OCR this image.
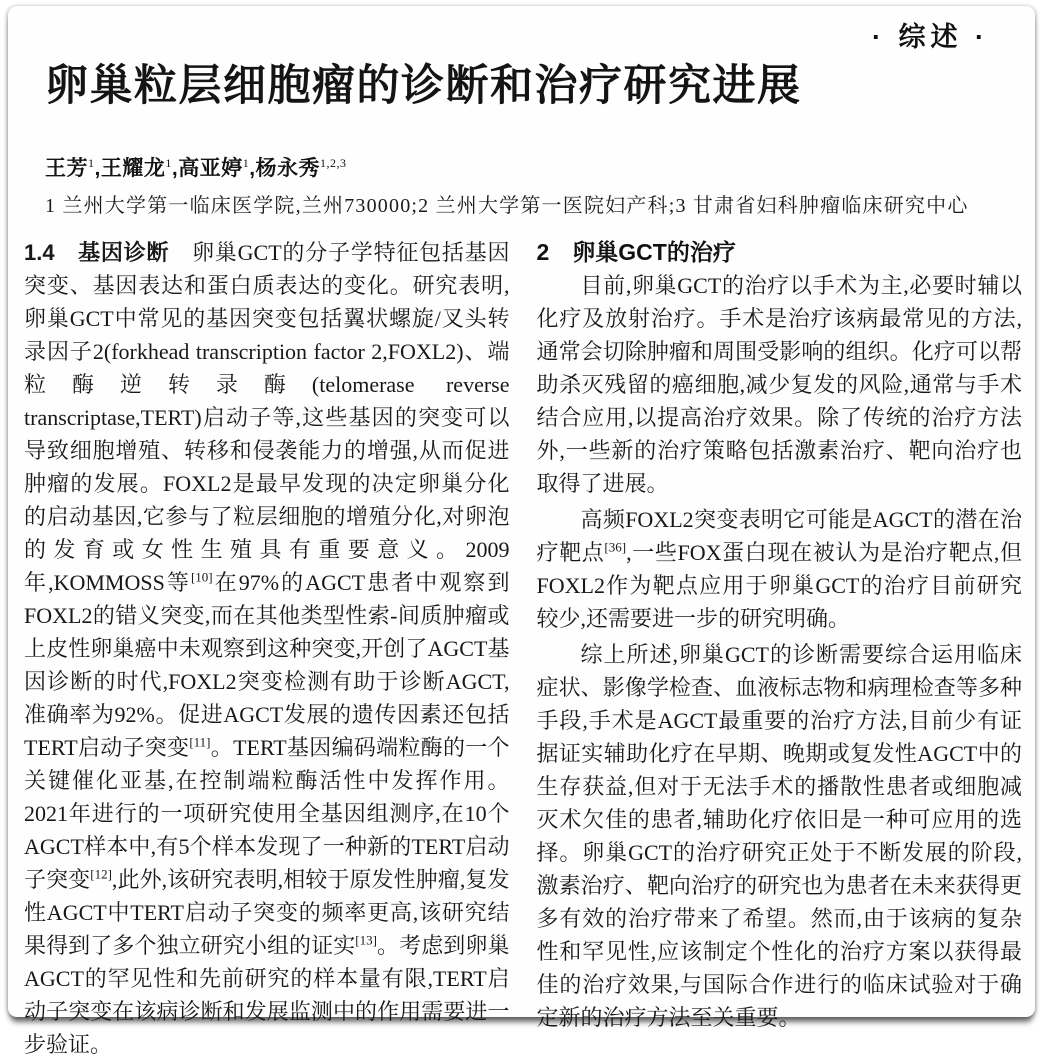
· 综述 ·

卵巢粒层细胞瘤的诊断和治疗研究进展

王芳$^1$,王耀龙$^1$,高亚婷$^1$,杨永秀$^{1,2,3}$

1 兰州大学第一临床医学院,兰州730000;2 兰州大学第一医院妇产科;3 甘肃省妇科肿瘤临床研究中心

1.4　基因诊断　卵巢GCT的分子学特征包括基因突变、基因表达和蛋白质表达的变化。研究表明,卵巢GCT中常见的基因突变包括翼状螺旋/叉头转录因子2(forkhead transcription factor 2,FOXL2)、端粒酶逆转录酶(telomerase reverse transcriptase,TERT)启动子等,这些基因的突变可以导致细胞增殖、转移和侵袭能力的增强,从而促进肿瘤的发展。FOXL2是最早发现的决定卵巢分化的启动基因,它参与了粒层细胞的增殖分化,对卵泡的发育或女性生殖具有重要意义。2009年,KOMMOSS等[10]在97%的AGCT患者中观察到FOXL2的错义突变,而在其他类型性索-间质肿瘤或上皮性卵巢癌中未观察到这种突变,开创了AGCT基因诊断的时代,FOXL2突变检测有助于诊断AGCT,准确率为92%。促进AGCT发展的遗传因素还包括TERT启动子突变[11]。TERT基因编码端粒酶的一个关键催化亚基,在控制端粒酶活性中发挥作用。2021年进行的一项研究使用全基因组测序,在10个AGCT样本中,有5个样本发现了一种新的TERT启动子突变[12],此外,该研究表明,相较于原发性肿瘤,复发性AGCT中TERT启动子突变的频率更高,该研究结果得到了多个独立研究小组的证实[13]。考虑到卵巢AGCT的罕见性和先前研究的样本量有限,TERT启动子突变在该病诊断和发展监测中的作用需要进一步验证。

2　卵巢GCT的治疗

目前,卵巢GCT的治疗以手术为主,必要时辅以化疗及放射治疗。手术是治疗该病最常见的方法,通常会切除肿瘤和周围受影响的组织。化疗可以帮助杀灭残留的癌细胞,减少复发的风险,通常与手术结合应用,以提高治疗效果。除了传统的治疗方法外,一些新的治疗策略包括激素治疗、靶向治疗也取得了进展。

高频FOXL2突变表明它可能是AGCT的潜在治疗靶点[36],一些FOX蛋白现在被认为是治疗靶点,但FOXL2作为靶点应用于卵巢GCT的治疗目前研究较少,还需要进一步的研究明确。

综上所述,卵巢GCT的诊断需要综合运用临床症状、影像学检查、血液标志物和病理检查等多种手段,手术是AGCT最重要的治疗方法,目前少有证据证实辅助化疗在早期、晚期或复发性AGCT中的生存获益,但对于无法手术的播散性患者或细胞减灭术欠佳的患者,辅助化疗依旧是一种可应用的选择。卵巢GCT的治疗研究正处于不断发展的阶段,激素治疗、靶向治疗的研究也为患者在未来获得更多有效的治疗带来了希望。然而,由于该病的复杂性和罕见性,应该制定个性化的治疗方案以获得最佳的治疗效果,与国际合作进行的临床试验对于确定新的治疗方法至关重要。
